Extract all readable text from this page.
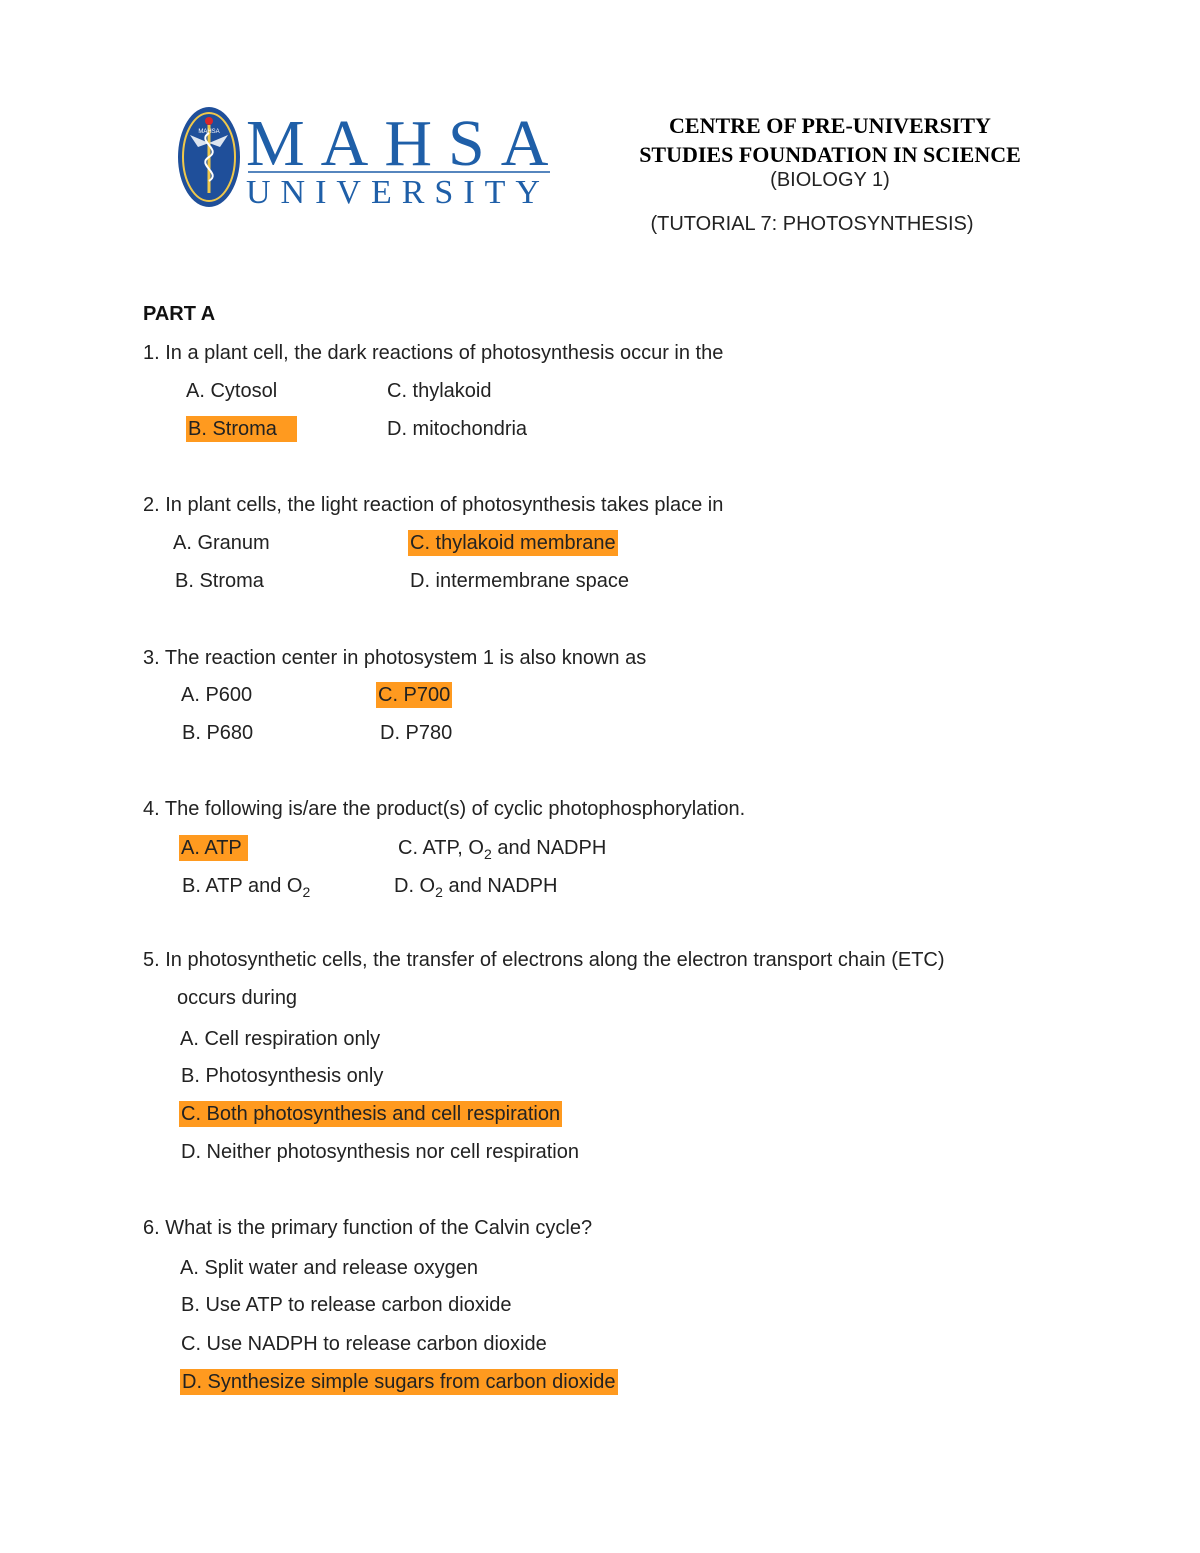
MAHSA MAHSA
UNIVERSITY
CENTRE OF PRE-UNIVERSITY
STUDIES FOUNDATION IN SCIENCE
(BIOLOGY 1)
(TUTORIAL 7: PHOTOSYNTHESIS)
PART A
1. In a plant cell, the dark reactions of photosynthesis occur in the
A. Cytosol	C. thylakoid
B. Stroma	D. mitochondria
2. In plant cells, the light reaction of photosynthesis takes place in
A. Granum	C. thylakoid membrane
B. Stroma	D. intermembrane space
3. The reaction center in photosystem 1 is also known as
A. P600	C. P700
B. P680	D. P780
4. The following is/are the product(s) of cyclic photophosphorylation.
A. ATP	C. ATP, $O_2$ and NADPH
B. ATP and $O_2$	D. $O_2$ and NADPH
5. In photosynthetic cells, the transfer of electrons along the electron transport chain (ETC)
occurs during
A. Cell respiration only
B. Photosynthesis only
C. Both photosynthesis and cell respiration
D. Neither photosynthesis nor cell respiration
6. What is the primary function of the Calvin cycle?
A. Split water and release oxygen
B. Use ATP to release carbon dioxide
C. Use NADPH to release carbon dioxide
D. Synthesize simple sugars from carbon dioxide
